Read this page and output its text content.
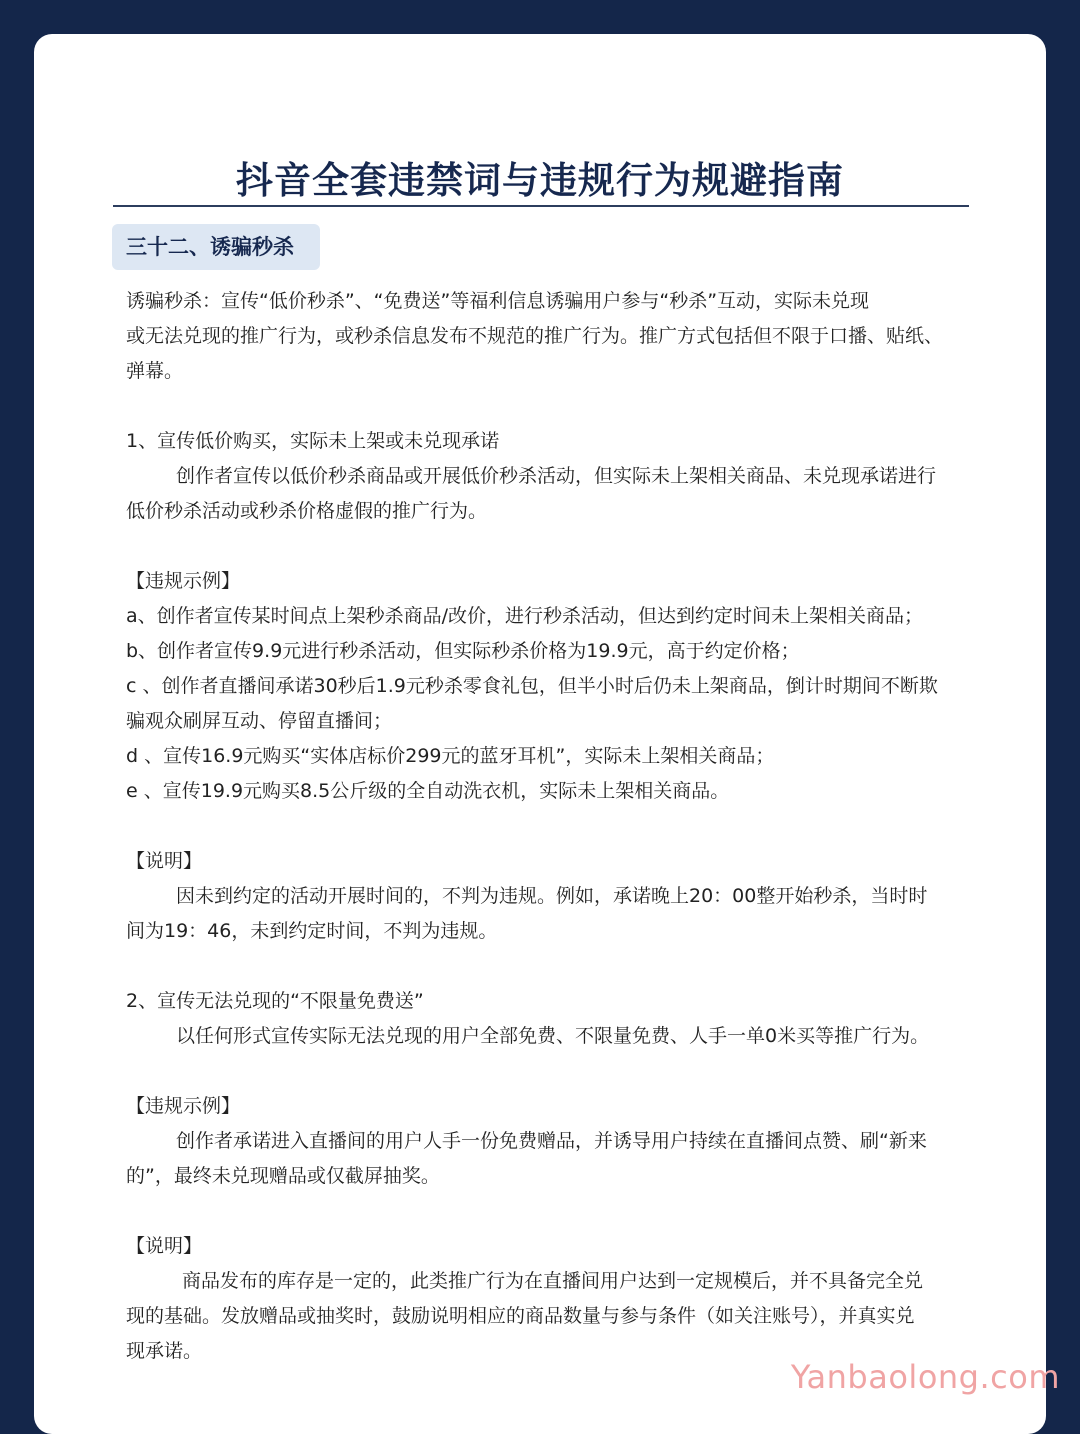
抖音全套违禁词与违规行为规避指南
三十二、诱骗秒杀
诱骗秒杀：宣传“低价秒杀”、“免费送”等福利信息诱骗用户参与“秒杀”互动，实际未兑现
或无法兑现的推广行为，或秒杀信息发布不规范的推广行为。推广方式包括但不限于口播、贴纸、
弹幕。
1、宣传低价购买，实际未上架或未兑现承诺
创作者宣传以低价秒杀商品或开展低价秒杀活动，但实际未上架相关商品、未兑现承诺进行
低价秒杀活动或秒杀价格虚假的推广行为。
【违规示例】
a、创作者宣传某时间点上架秒杀商品/改价，进行秒杀活动，但达到约定时间未上架相关商品；
b、创作者宣传9.9元进行秒杀活动，但实际秒杀价格为19.9元，高于约定价格；
c 、创作者直播间承诺30秒后1.9元秒杀零食礼包，但半小时后仍未上架商品，倒计时期间不断欺
骗观众刷屏互动、停留直播间；
d 、宣传16.9元购买“实体店标价299元的蓝牙耳机”，实际未上架相关商品；
e 、宣传19.9元购买8.5公斤级的全自动洗衣机，实际未上架相关商品。
【说明】
因未到约定的活动开展时间的，不判为违规。例如，承诺晚上20：00整开始秒杀，当时时
间为19：46，未到约定时间，不判为违规。
2、宣传无法兑现的“不限量免费送”
以任何形式宣传实际无法兑现的用户全部免费、不限量免费、人手一单0米买等推广行为。
【违规示例】
创作者承诺进入直播间的用户人手一份免费赠品，并诱导用户持续在直播间点赞、刷“新来
的”，最终未兑现赠品或仅截屏抽奖。
【说明】
商品发布的库存是一定的，此类推广行为在直播间用户达到一定规模后，并不具备完全兑
现的基础。发放赠品或抽奖时，鼓励说明相应的商品数量与参与条件（如关注账号），并真实兑
现承诺。
Yanbaolong.com
